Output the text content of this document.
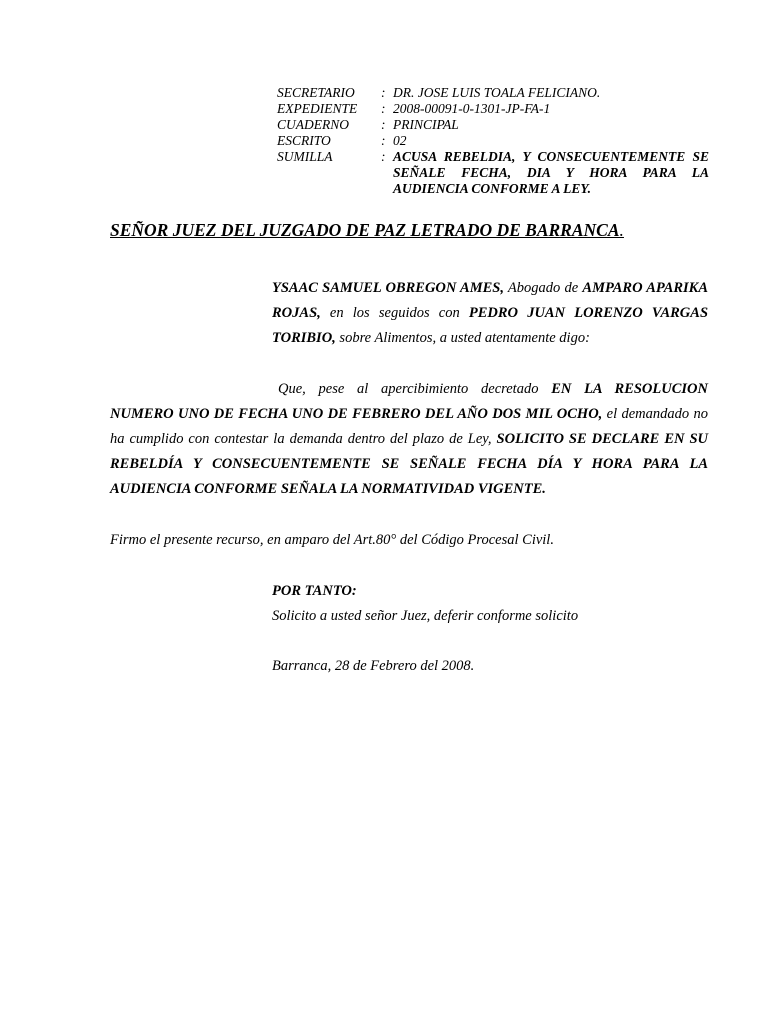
SECRETARIO	: DR. JOSE LUIS TOALA FELICIANO.
EXPEDIENTE	: 2008-00091-0-1301-JP-FA-1
CUADERNO	: PRINCIPAL
ESCRITO	: 02
SUMILLA	: ACUSA REBELDIA, Y CONSECUENTEMENTE SE SEÑALE FECHA, DIA Y HORA PARA LA AUDIENCIA CONFORME A LEY.
SEÑOR JUEZ DEL JUZGADO DE PAZ LETRADO DE BARRANCA.
YSAAC SAMUEL OBREGON AMES, Abogado de AMPARO APARIKA ROJAS, en los seguidos con PEDRO JUAN LORENZO VARGAS TORIBIO, sobre Alimentos, a usted atentamente digo:
Que, pese al apercibimiento decretado EN LA RESOLUCION NUMERO UNO DE FECHA UNO DE FEBRERO DEL AÑO DOS MIL OCHO, el demandado no ha cumplido con contestar la demanda dentro del plazo de Ley, SOLICITO SE DECLARE EN SU REBELDÍA Y CONSECUENTEMENTE SE SEÑALE FECHA DÍA Y HORA PARA LA AUDIENCIA CONFORME SEÑALA LA NORMATIVIDAD VIGENTE.
Firmo el presente recurso, en amparo del Art.80° del Código Procesal Civil.
POR TANTO:
Solicito a usted señor Juez, deferir conforme solicito
Barranca, 28 de Febrero del 2008.
